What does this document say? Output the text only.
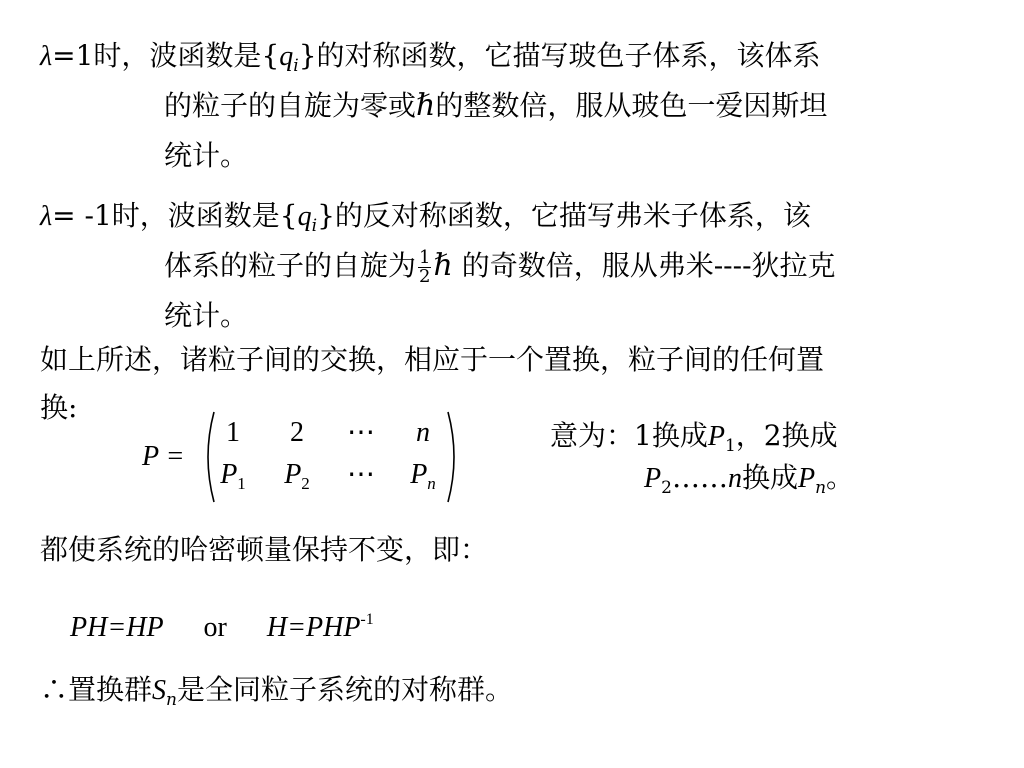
λ=1时，波函数是$\{q_i\}$的对称函数，它描写玻色子体系，该体系
的粒子的自旋为零或ℏ的整数倍，服从玻色一爱因斯坦
统计。
λ= -1时，波函数是$\{q_i\}$的反对称函数，它描写弗米子体系，该
体系的粒子的自旋为 $\frac{1}{2}$ ℏ 的奇数倍，服从弗米----狄拉克
统计。
如上所述，诸粒子间的交换，相应于一个置换，粒子间的任何置
换:
P =
1	2	⋯	n
$P_1$	$P_2$	⋯	$P_n$
意为：1换成$P_1$，2换成
$P_2\dots\dots n$换成$P_n$。
都使系统的哈密顿量保持不变，即：
PH=HP or $H=PHP^{-1}$
∴置换群$S_n$是全同粒子系统的对称群。
